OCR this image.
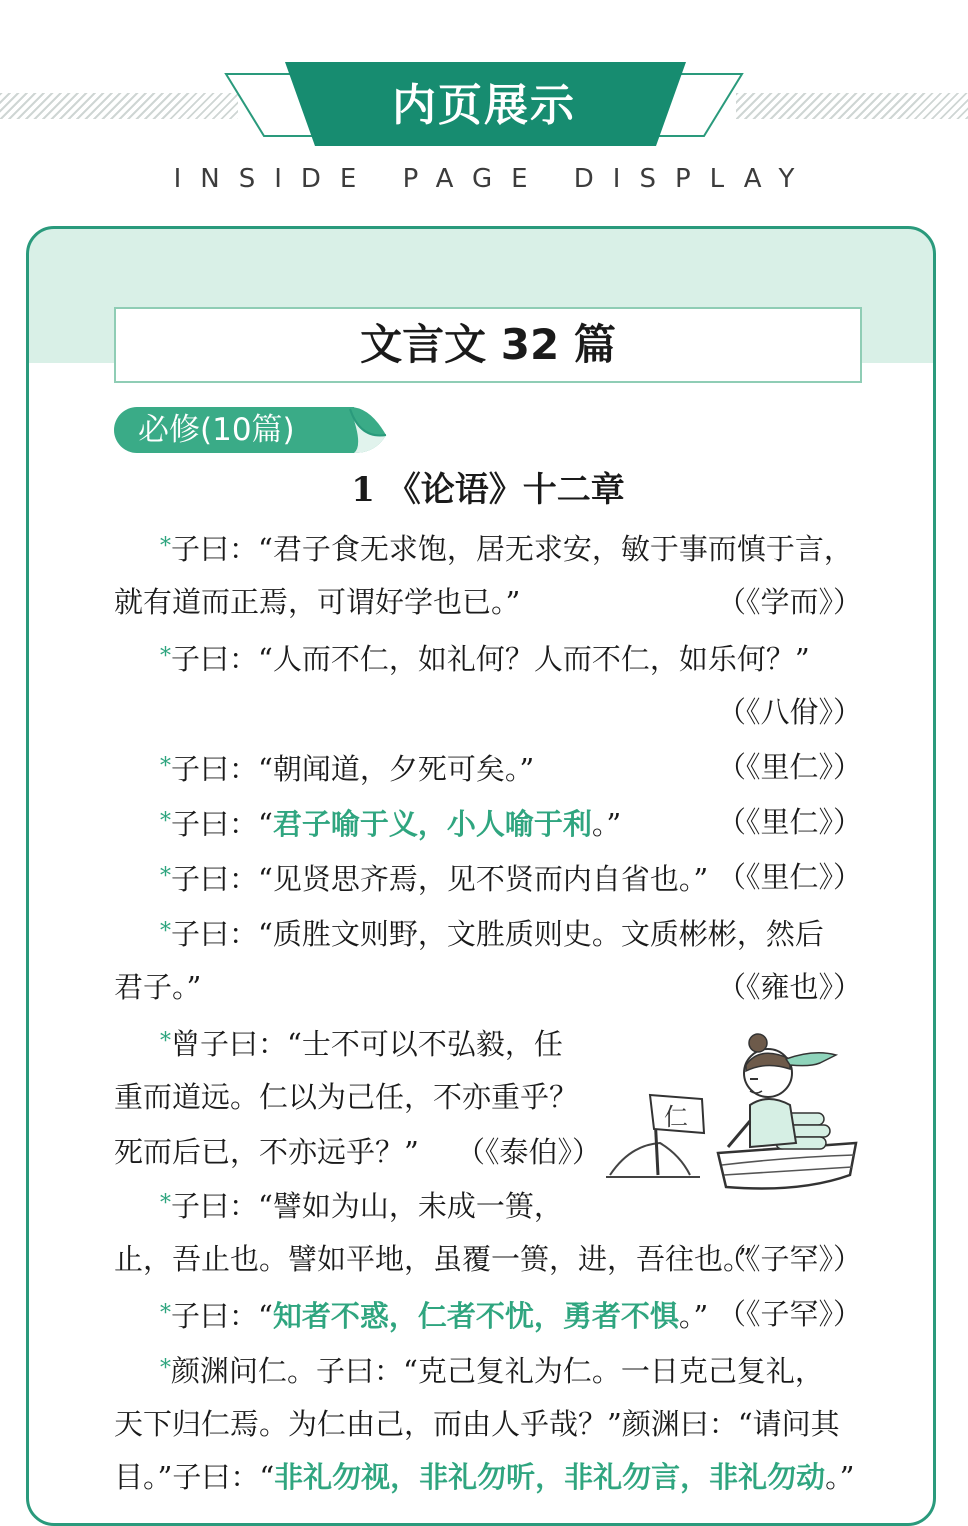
内页展示
INSIDE PAGE DISPLAY
文言文 32 篇
必修(10篇)
1 《论语》十二章
*子曰：“君子食无求饱，居无求安，敏于事而慎于言，
就有道而正焉，可谓好学也已。”	（《学而》）
*子曰：“人而不仁，如礼何？人而不仁，如乐何？”
（《八佾》）
*子曰：“朝闻道，夕死可矣。”	（《里仁》）
*子曰：“君子喻于义，小人喻于利。”	（《里仁》）
*子曰：“见贤思齐焉，见不贤而内自省也。” （《里仁》）
*子曰：“质胜文则野，文胜质则史。文质彬彬，然后
君子。”	（《雍也》）
*曾子曰：“士不可以不弘毅，任
重而道远。仁以为己任，不亦重乎？
死而后已，不亦远乎？” （《泰伯》）
仁
*子曰：“譬如为山，未成一篑，
止，吾止也。譬如平地，虽覆一篑，进，吾往也。”
（《子罕》）
*子曰：“知者不惑，仁者不忧，勇者不惧。” （《子罕》）
*颜渊问仁。子曰：“克己复礼为仁。一日克己复礼，
天下归仁焉。为仁由己，而由人乎哉？”颜渊曰：“请问其
目。”子曰：“非礼勿视，非礼勿听，非礼勿言，非礼勿动。”
